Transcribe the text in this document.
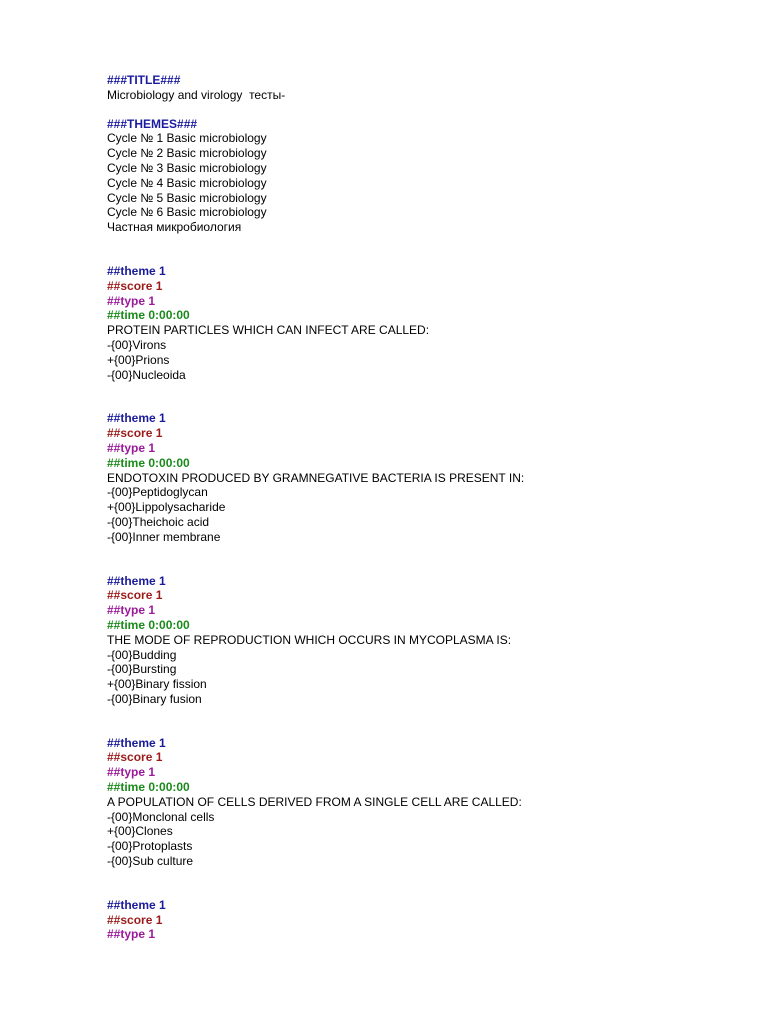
###TITLE###
Microbiology and virology  тесты-
###THEMES###
Cycle № 1 Basic microbiology
Cycle № 2 Basic microbiology
Cycle № 3 Basic microbiology
Cycle № 4 Basic microbiology
Cycle № 5 Basic microbiology
Cycle № 6 Basic microbiology
Частная микробиология
##theme 1
##score 1
##type 1
##time 0:00:00
PROTEIN PARTICLES WHICH CAN INFECT ARE CALLED:
-{00}Virons
+{00}Prions
-{00}Nucleoida
##theme 1
##score 1
##type 1
##time 0:00:00
ENDOTOXIN PRODUCED BY GRAMNEGATIVE BACTERIA IS PRESENT IN:
-{00}Peptidoglycan
+{00}Lippolysacharide
-{00}Theichoic acid
-{00}Inner membrane
##theme 1
##score 1
##type 1
##time 0:00:00
THE MODE OF REPRODUCTION WHICH OCCURS IN MYCOPLASMA IS:
-{00}Budding
-{00}Bursting
+{00}Binary fission
-{00}Binary fusion
##theme 1
##score 1
##type 1
##time 0:00:00
A POPULATION OF CELLS DERIVED FROM A SINGLE CELL ARE CALLED:
-{00}Monclonal cells
+{00}Clones
-{00}Protoplasts
-{00}Sub culture
##theme 1
##score 1
##type 1
